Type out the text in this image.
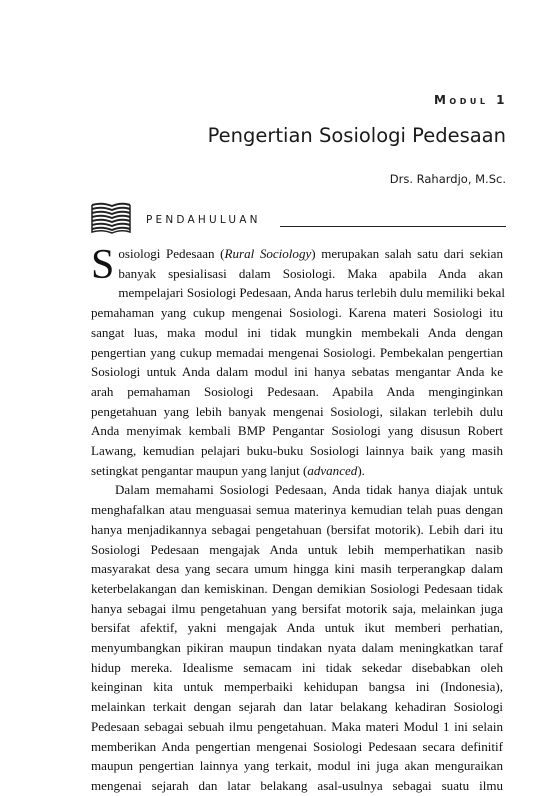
Modul 1
Pengertian Sosiologi Pedesaan
Drs. Rahardjo, M.Sc.
PENDAHULUAN
S osiologi Pedesaan (Rural Sociology) merupakan salah satu dari sekian
banyak spesialisasi dalam Sosiologi. Maka apabila Anda akan
mempelajari Sosiologi Pedesaan, Anda harus terlebih dulu memiliki bekal
pemahaman yang cukup mengenai Sosiologi. Karena materi Sosiologi itu
sangat luas, maka modul ini tidak mungkin membekali Anda dengan
pengertian yang cukup memadai mengenai Sosiologi. Pembekalan pengertian
Sosiologi untuk Anda dalam modul ini hanya sebatas mengantar Anda ke
arah pemahaman Sosiologi Pedesaan. Apabila Anda menginginkan
pengetahuan yang lebih banyak mengenai Sosiologi, silakan terlebih dulu
Anda menyimak kembali BMP Pengantar Sosiologi yang disusun Robert
Lawang, kemudian pelajari buku-buku Sosiologi lainnya baik yang masih
setingkat pengantar maupun yang lanjut (advanced).
Dalam memahami Sosiologi Pedesaan, Anda tidak hanya diajak untuk
menghafalkan atau menguasai semua materinya kemudian telah puas dengan
hanya menjadikannya sebagai pengetahuan (bersifat motorik). Lebih dari itu
Sosiologi Pedesaan mengajak Anda untuk lebih memperhatikan nasib
masyarakat desa yang secara umum hingga kini masih terperangkap dalam
keterbelakangan dan kemiskinan. Dengan demikian Sosiologi Pedesaan tidak
hanya sebagai ilmu pengetahuan yang bersifat motorik saja, melainkan juga
bersifat afektif, yakni mengajak Anda untuk ikut memberi perhatian,
menyumbangkan pikiran maupun tindakan nyata dalam meningkatkan taraf
hidup mereka. Idealisme semacam ini tidak sekedar disebabkan oleh
keinginan kita untuk memperbaiki kehidupan bangsa ini (Indonesia),
melainkan terkait dengan sejarah dan latar belakang kehadiran Sosiologi
Pedesaan sebagai sebuah ilmu pengetahuan. Maka materi Modul 1 ini selain
memberikan Anda pengertian mengenai Sosiologi Pedesaan secara definitif
maupun pengertian lainnya yang terkait, modul ini juga akan menguraikan
mengenai sejarah dan latar belakang asal-usulnya sebagai suatu ilmu
